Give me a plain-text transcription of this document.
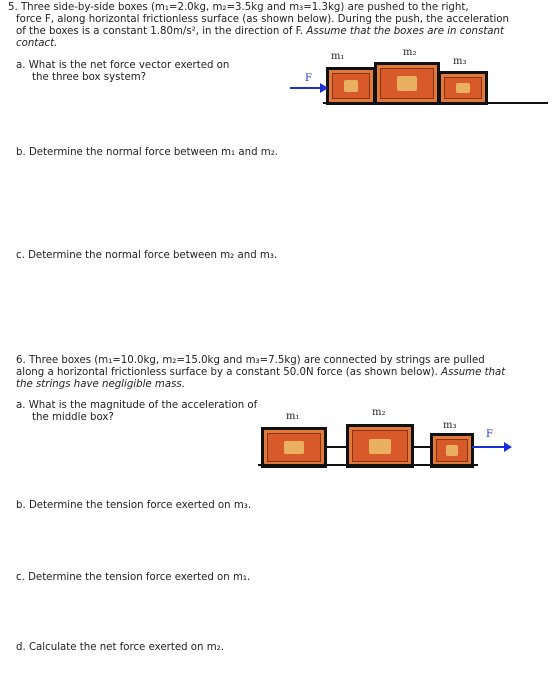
5. Three side-by-side boxes (m₁=2.0kg, m₂=3.5kg and m₃=1.3kg) are pushed to the right,
force F, along horizontal frictionless surface (as shown below). During the push, the acceleration
of the boxes is a constant 1.80m/s², in the direction of F. Assume that the boxes are in constant
contact.
a. What is the net force vector exerted on
the three box system?
m₁	m₂
m₃
F
b. Determine the normal force between m₁ and m₂.
c. Determine the normal force between m₂ and m₃.
6. Three boxes (m₁=10.0kg, m₂=15.0kg and m₃=7.5kg) are connected by strings are pulled
along a horizontal frictionless surface by a constant 50.0N force (as shown below). Assume that
the strings have negligible mass.
a. What is the magnitude of the acceleration of
the middle box?	m₁	m₂
m₃
F
b. Determine the tension force exerted on m₃.
c. Determine the tension force exerted on m₁.
d. Calculate the net force exerted on m₂.
